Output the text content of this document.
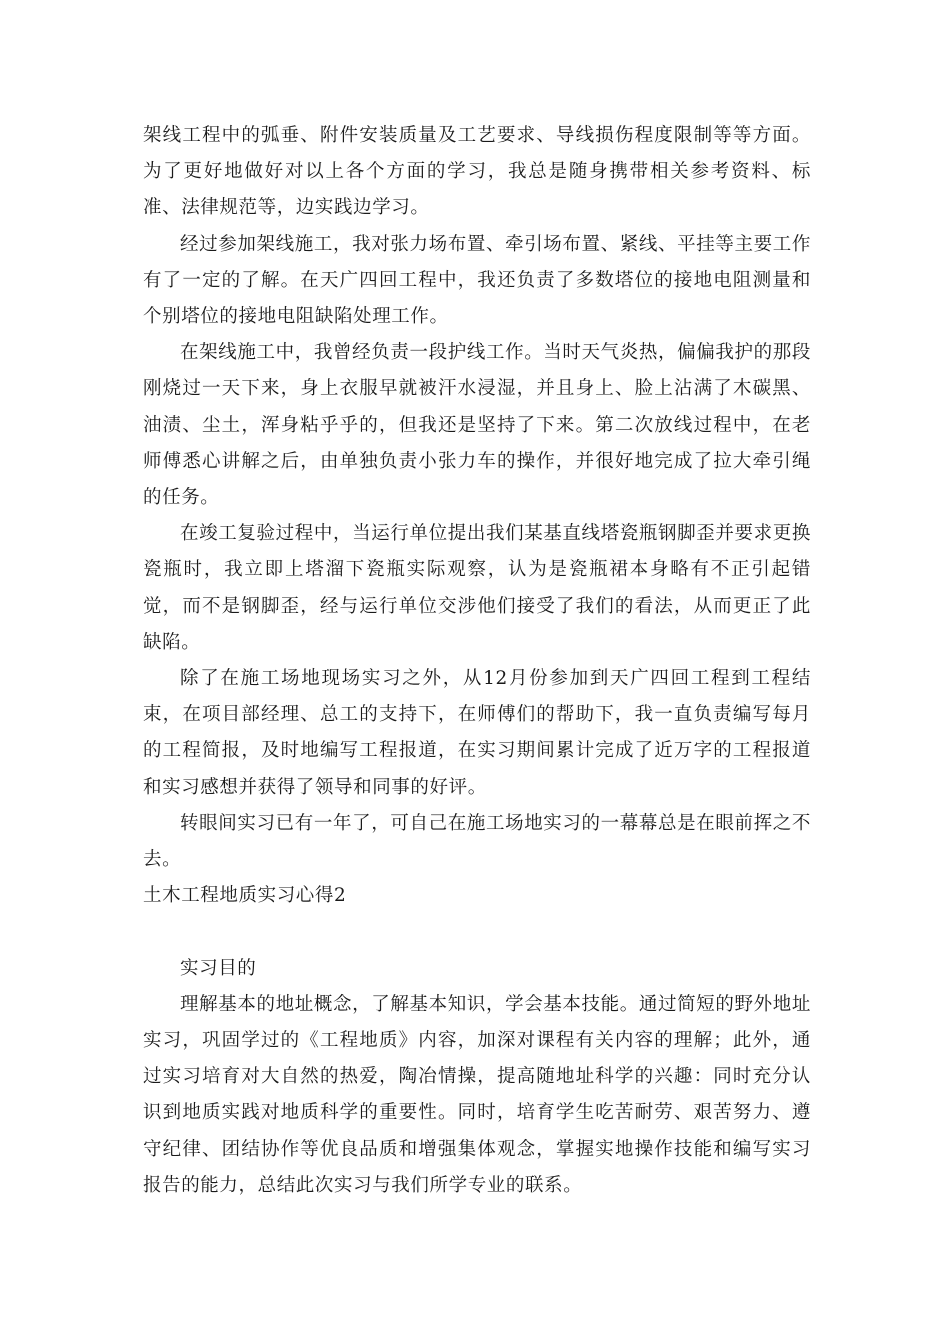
架线工程中的弧垂、附件安装质量及工艺要求、导线损伤程度限制等等方面。为了更好地做好对以上各个方面的学习，我总是随身携带相关参考资料、标准、法律规范等，边实践边学习。

经过参加架线施工，我对张力场布置、牵引场布置、紧线、平挂等主要工作有了一定的了解。在天广四回工程中，我还负责了多数塔位的接地电阻测量和个别塔位的接地电阻缺陷处理工作。

在架线施工中，我曾经负责一段护线工作。当时天气炎热，偏偏我护的那段刚烧过一天下来，身上衣服早就被汗水浸湿，并且身上、脸上沾满了木碳黑、油渍、尘土，浑身粘乎乎的，但我还是坚持了下来。第二次放线过程中，在老师傅悉心讲解之后，由单独负责小张力车的操作，并很好地完成了拉大牵引绳的任务。

在竣工复验过程中，当运行单位提出我们某基直线塔瓷瓶钢脚歪并要求更换瓷瓶时，我立即上塔溜下瓷瓶实际观察，认为是瓷瓶裙本身略有不正引起错觉，而不是钢脚歪，经与运行单位交涉他们接受了我们的看法，从而更正了此缺陷。

除了在施工场地现场实习之外，从12月份参加到天广四回工程到工程结束，在项目部经理、总工的支持下，在师傅们的帮助下，我一直负责编写每月的工程简报，及时地编写工程报道，在实习期间累计完成了近万字的工程报道和实习感想并获得了领导和同事的好评。

转眼间实习已有一年了，可自己在施工场地实习的一幕幕总是在眼前挥之不去。

土木工程地质实习心得2

实习目的

理解基本的地址概念，了解基本知识，学会基本技能。通过简短的野外地址实习，巩固学过的《工程地质》内容，加深对课程有关内容的理解；此外，通过实习培育对大自然的热爱，陶冶情操，提高随地址科学的兴趣：同时充分认识到地质实践对地质科学的重要性。同时，培育学生吃苦耐劳、艰苦努力、遵守纪律、团结协作等优良品质和增强集体观念，掌握实地操作技能和编写实习报告的能力，总结此次实习与我们所学专业的联系。
